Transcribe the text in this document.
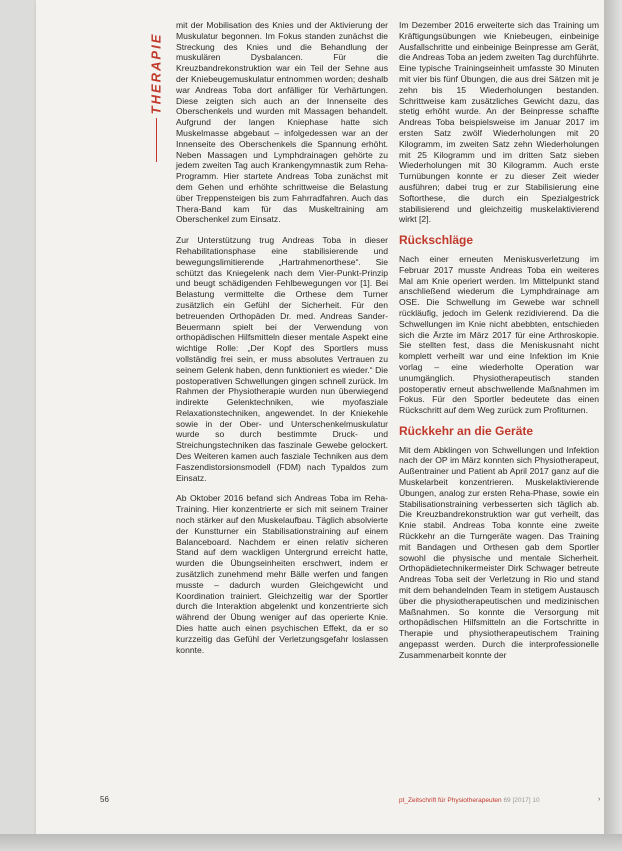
THERAPIE

mit der Mobilisation des Knies und der Aktivierung der Muskulatur begonnen. Im Fokus standen zunächst die Streckung des Knies und die Behandlung der muskulären Dysbalancen. Für die Kreuzbandrekonstruktion war ein Teil der Sehne aus der Kniebeugemuskulatur entnommen worden; deshalb war Andreas Toba dort anfälliger für Verhärtungen. Diese zeigten sich auch an der Innenseite des Oberschenkels und wurden mit Massagen behandelt. Aufgrund der langen Kniephase hatte sich Muskelmasse abgebaut – infolgedessen war an der Innenseite des Oberschenkels die Spannung erhöht. Neben Massagen und Lymphdrainagen gehörte zu jedem zweiten Tag auch Krankengymnastik zum Reha-Programm. Hier startete Andreas Toba zunächst mit dem Gehen und erhöhte schrittweise die Belastung über Treppensteigen bis zum Fahrradfahren. Auch das Thera-Band kam für das Muskeltraining am Oberschenkel zum Einsatz.

Zur Unterstützung trug Andreas Toba in dieser Rehabilitationsphase eine stabilisierende und bewegungslimitierende „Hartrahmenorthese“. Sie schützt das Kniegelenk nach dem Vier-Punkt-Prinzip und beugt schädigenden Fehlbewegungen vor [1]. Bei Belastung vermittelte die Orthese dem Turner zusätzlich ein Gefühl der Sicherheit. Für den betreuenden Orthopäden Dr. med. Andreas Sander-Beuermann spielt bei der Verwendung von orthopädischen Hilfsmitteln dieser mentale Aspekt eine wichtige Rolle: „Der Kopf des Sportlers muss vollständig frei sein, er muss absolutes Vertrauen zu seinem Gelenk haben, denn funktioniert es wieder.“ Die postoperativen Schwellungen gingen schnell zurück. Im Rahmen der Physiotherapie wurden nun überwiegend indirekte Gelenktechniken, wie myofasziale Relaxationstechniken, angewendet. In der Kniekehle sowie in der Ober- und Unterschenkelmuskulatur wurde so durch bestimmte Druck- und Streichungstechniken das faszinale Gewebe gelockert. Des Weiteren kamen auch fasziale Techniken aus dem Faszendistorsionsmodell (FDM) nach Typaldos zum Einsatz.

Ab Oktober 2016 befand sich Andreas Toba im Reha-Training. Hier konzentrierte er sich mit seinem Trainer noch stärker auf den Muskelaufbau. Täglich absolvierte der Kunstturner ein Stabilisationstraining auf einem Balanceboard. Nachdem er einen relativ sicheren Stand auf dem wackligen Untergrund erreicht hatte, wurden die Übungseinheiten erschwert, indem er zusätzlich zunehmend mehr Bälle werfen und fangen musste – dadurch wurden Gleichgewicht und Koordination trainiert. Gleichzeitig war der Sportler durch die Interaktion abgelenkt und konzentrierte sich während der Übung weniger auf das operierte Knie. Dies hatte auch einen psychischen Effekt, da er so kurzzeitig das Gefühl der Verletzungsgefahr loslassen konnte.

Im Dezember 2016 erweiterte sich das Training um Kräftigungsübungen wie Kniebeugen, einbeinige Ausfallschritte und einbeinige Beinpresse am Gerät, die Andreas Toba an jedem zweiten Tag durchführte. Eine typische Trainingseinheit umfasste 30 Minuten mit vier bis fünf Übungen, die aus drei Sätzen mit je zehn bis 15 Wiederholungen bestanden. Schrittweise kam zusätzliches Gewicht dazu, das stetig erhöht wurde. An der Beinpresse schaffte Andreas Toba beispielsweise im Januar 2017 im ersten Satz zwölf Wiederholungen mit 20 Kilogramm, im zweiten Satz zehn Wiederholungen mit 25 Kilogramm und im dritten Satz sieben Wiederholungen mit 30 Kilogramm. Auch erste Turnübungen konnte er zu dieser Zeit wieder ausführen; dabei trug er zur Stabilisierung eine Softorthese, die durch ein Spezialgestrick stabilisierend und gleichzeitig muskelaktivierend wirkt [2].

Rückschläge

Nach einer erneuten Meniskusverletzung im Februar 2017 musste Andreas Toba ein weiteres Mal am Knie operiert werden. Im Mittelpunkt stand anschließend wiederum die Lymphdrainage am OSE. Die Schwellung im Gewebe war schnell rückläufig, jedoch im Gelenk rezidivierend. Da die Schwellungen im Knie nicht abebbten, entschieden sich die Ärzte im März 2017 für eine Arthroskopie. Sie stellten fest, dass die Meniskusnaht nicht komplett verheilt war und eine Infektion im Knie vorlag – eine wiederholte Operation war unumgänglich. Physiotherapeutisch standen postoperativ erneut abschwellende Maßnahmen im Fokus. Für den Sportler bedeutete das einen Rückschritt auf dem Weg zurück zum Profiturnen.

Rückkehr an die Geräte

Mit dem Abklingen von Schwellungen und Infektion nach der OP im März konnten sich Physiotherapeut, Außentrainer und Patient ab April 2017 ganz auf die Muskelarbeit konzentrieren. Muskelaktivierende Übungen, analog zur ersten Reha-Phase, sowie ein Stabilisationstraining verbesserten sich täglich ab. Die Kreuzbandrekonstruktion war gut verheilt, das Knie stabil. Andreas Toba konnte eine zweite Rückkehr an die Turngeräte wagen. Das Training mit Bandagen und Orthesen gab dem Sportler sowohl die physische und mentale Sicherheit. Orthopädietechnikermeister Dirk Schwager betreute Andreas Toba seit der Verletzung in Rio und stand mit dem behandelnden Team in stetigem Austausch über die physiotherapeutischen und medizinischen Maßnahmen. So konnte die Versorgung mit orthopädischen Hilfsmitteln an die Fortschritte in Therapie und physiotherapeutischem Training angepasst werden. Durch die interprofessionelle Zusammenarbeit konnte der

56	pt_Zeitschrift für Physiotherapeuten 69 [2017] 10	›
